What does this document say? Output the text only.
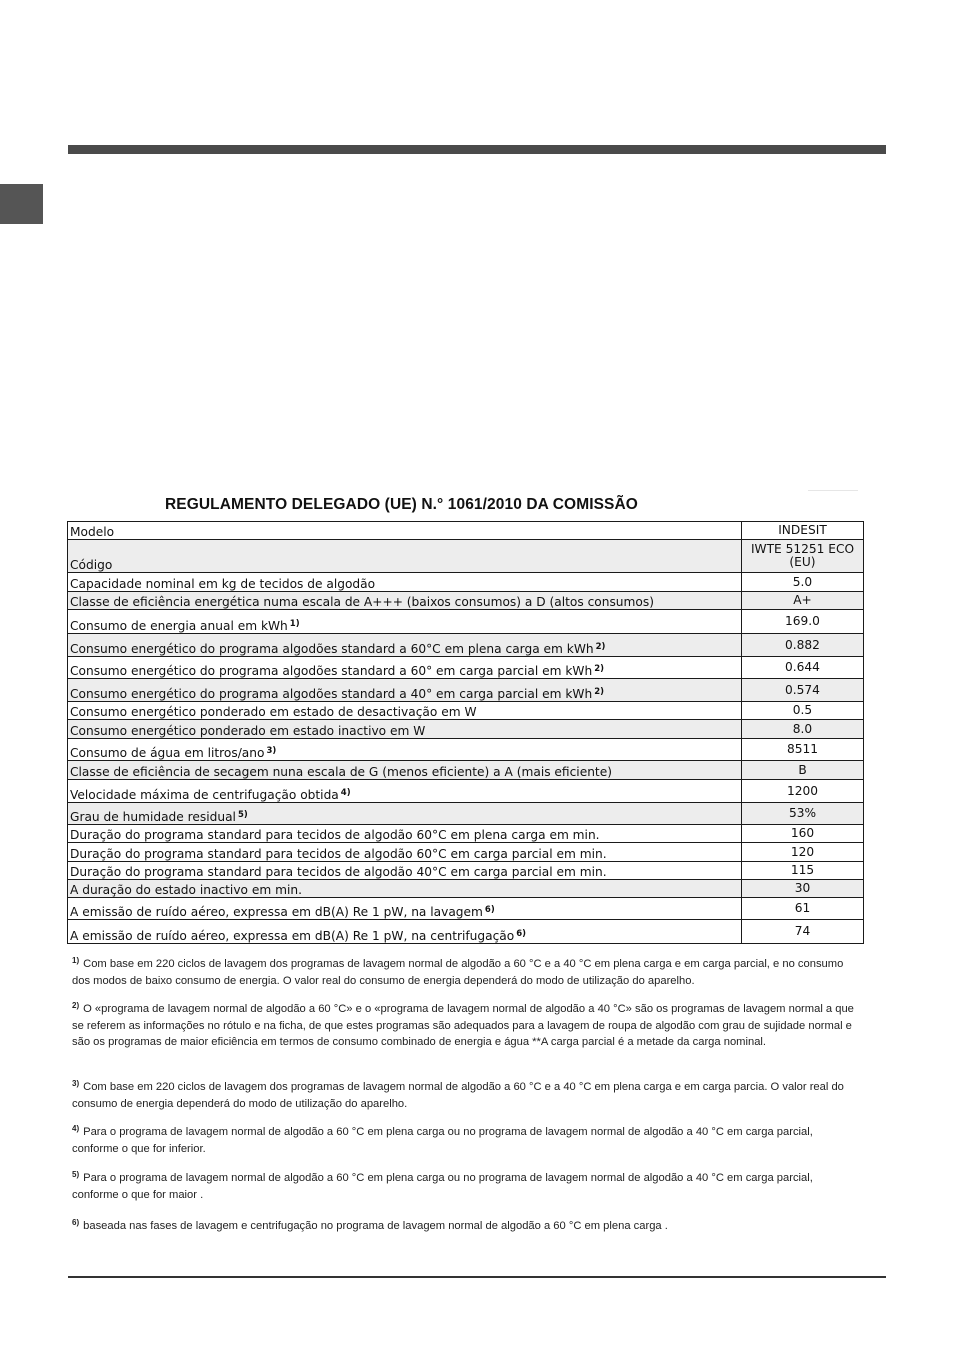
REGULAMENTO DELEGADO (UE) N.° 1061/2010 DA COMISSÃO
Modelo	INDESIT
Código	IWTE 51251 ECO (EU)
Capacidade nominal em kg de tecidos de algodão	5.0
Classe de eficiência energética numa escala de A+++ (baixos consumos) a D (altos consumos)	A+
Consumo de energia anual em kWh $^{1)}$	169.0
Consumo energético do programa algodões standard a 60°C em plena carga em kWh $^{2)}$	0.882
Consumo energético do programa algodões standard a 60° em carga parcial em kWh $^{2)}$	0.644
Consumo energético do programa algodões standard a 40° em carga parcial em kWh $^{2)}$	0.574
Consumo energético ponderado em estado de desactivação em W	0.5
Consumo energético ponderado em estado inactivo em W	8.0
Consumo de água em litros/ano $^{3)}$	8511
Classe de eficiência de secagem nuna escala de G (menos eficiente) a A (mais eficiente)	B
Velocidade máxima de centrifugação obtida $^{4)}$	1200
Grau de humidade residual $^{5)}$	53%
Duração do programa standard para tecidos de algodão 60°C em plena carga em min.	160
Duração do programa standard para tecidos de algodão 60°C em carga parcial em min.	120
Duração do programa standard para tecidos de algodão 40°C em carga parcial em min.	115
A duração do estado inactivo em min.	30
A emissão de ruído aéreo, expressa em dB(A) Re 1 pW, na lavagem $^{6)}$	61
A emissão de ruído aéreo, expressa em dB(A) Re 1 pW, na centrifugação $^{6)}$	74
$^{1)}$ Com base em 220 ciclos de lavagem dos programas de lavagem normal de algodão a 60 °C e a 40 °C em plena carga e em carga parcial, e no consumo dos modos de baixo consumo de energia. O valor real do consumo de energia dependerá do modo de utilização do aparelho.
$^{2)}$ O «programa de lavagem normal de algodão a 60 °C» e o «programa de lavagem normal de algodão a 40 °C» são os programas de lavagem normal a que se referem as informações no rótulo e na ficha, de que estes programas são adequados para a lavagem de roupa de algodão com grau de sujidade normal e são os programas de maior eficiência em termos de consumo combinado de energia e água **A carga parcial é a metade da carga nominal.
$^{3)}$ Com base em 220 ciclos de lavagem dos programas de lavagem normal de algodão a 60 °C e a 40 °C em plena carga e em carga parcia. O valor real do consumo de energia dependerá do modo de utilização do aparelho.
$^{4)}$ Para o programa de lavagem normal de algodão a 60 °C em plena carga ou no programa de lavagem normal de algodão a 40 °C em carga parcial, conforme o que for inferior.
$^{5)}$ Para o programa de lavagem normal de algodão a 60 °C em plena carga ou no programa de lavagem normal de algodão a 40 °C em carga parcial, conforme o que for maior .
$^{6)}$ baseada nas fases de lavagem e centrifugação no programa de lavagem normal de algodão a 60 °C em plena carga .
